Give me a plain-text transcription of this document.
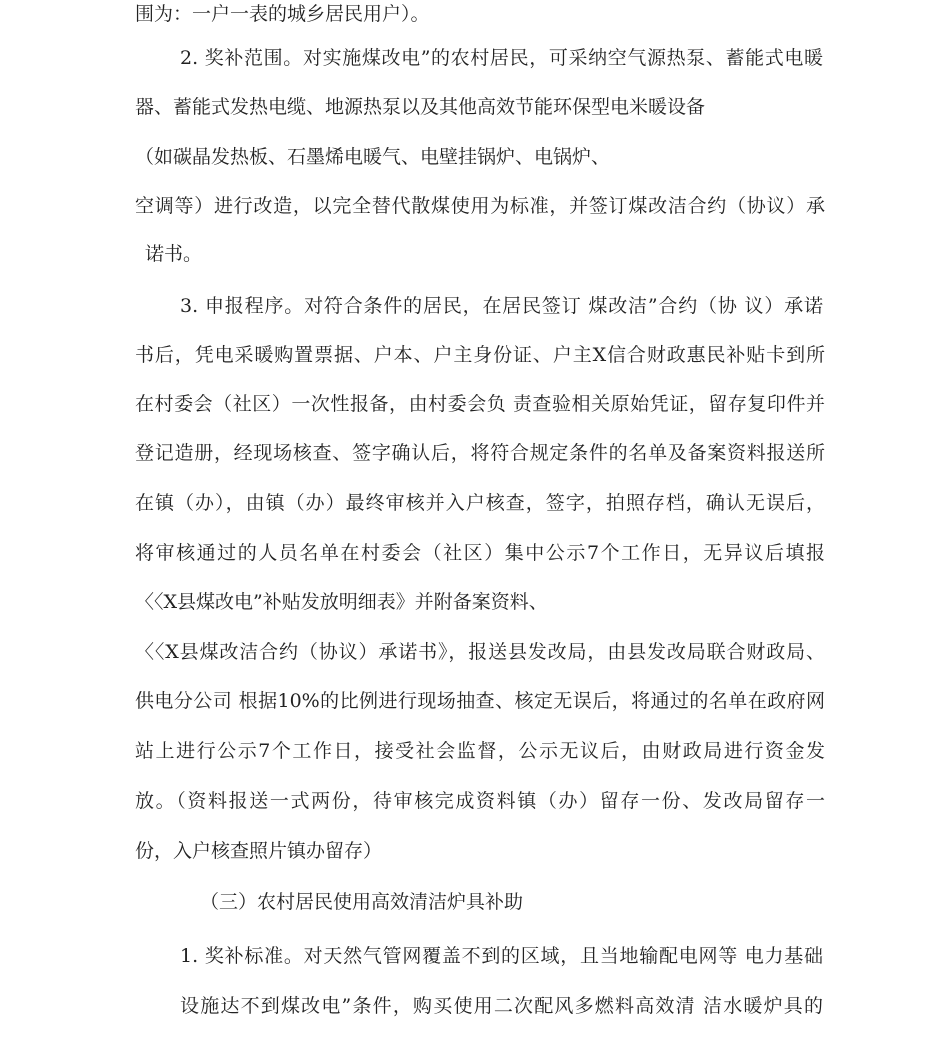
围为：一户一表的城乡居民用户）。
2. 奖补范围。对实施煤改电”的农村居民，可采纳空气源热泵、蓄能式电暖
器、蓄能式发热电缆、地源热泵以及其他高效节能环保型电米暖设备
（如碳晶发热板、石墨烯电暖气、电壁挂锅炉、电锅炉、
空调等）进行改造，以完全替代散煤使用为标准，并签订煤改洁合约（协议）承
诺书。
3. 申报程序。对符合条件的居民，在居民签订 煤改洁”合约（协 议）承诺
书后，凭电采暖购置票据、户本、户主身份证、户主X信合财政惠民补贴卡到所
在村委会（社区）一次性报备，由村委会负 责查验相关原始凭证，留存复印件并
登记造册，经现场核查、签字确认后，将符合规定条件的名单及备案资料报送所
在镇（办），由镇（办）最终审核并入户核查，签字，拍照存档，确认无误后，
将审核通过的人员名单在村委会（社区）集中公示7个工作日，无异议后填报
〈〈X县煤改电”补贴发放明细表》并附备案资料、
〈〈X县煤改洁合约（协议）承诺书》，报送县发改局，由县发改局联合财政局、
供电分公司 根据10%的比例进行现场抽查、核定无误后，将通过的名单在政府网
站上进行公示7个工作日，接受社会监督，公示无议后，由财政局进行资金发
放。（资料报送一式两份，待审核完成资料镇（办）留存一份、发改局留存一
份，入户核查照片镇办留存）
（三）农村居民使用高效清洁炉具补助
1. 奖补标准。对天然气管网覆盖不到的区域，且当地输配电网等 电力基础
设施达不到煤改电”条件，购买使用二次配风多燃料高效清 洁水暖炉具的
